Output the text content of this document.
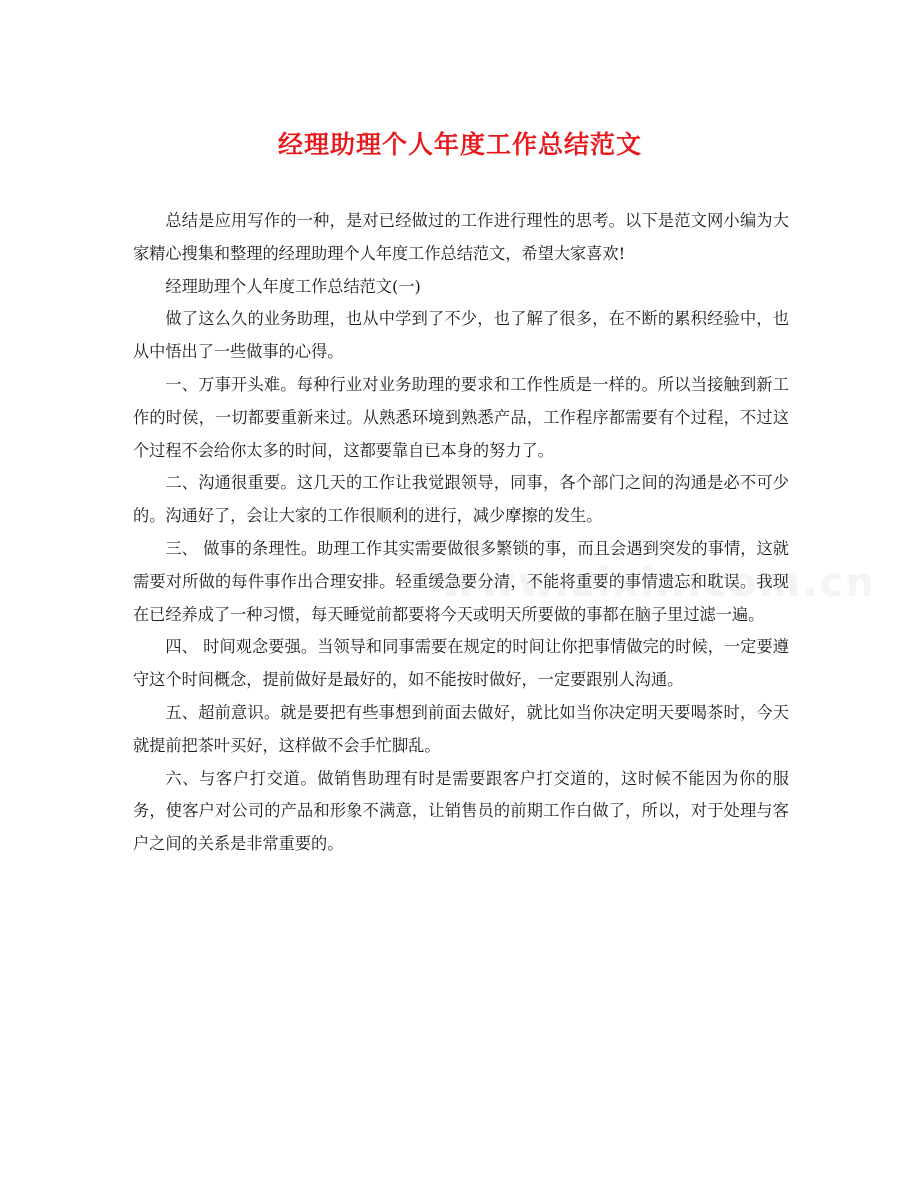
经理助理个人年度工作总结范文

总结是应用写作的一种，是对已经做过的工作进行理性的思考。以下是范文网小编为大家精心搜集和整理的经理助理个人年度工作总结范文，希望大家喜欢!

经理助理个人年度工作总结范文(一)

做了这么久的业务助理，也从中学到了不少，也了解了很多，在不断的累积经验中，也从中悟出了一些做事的心得。

一、万事开头难。每种行业对业务助理的要求和工作性质是一样的。所以当接触到新工作的时侯，一切都要重新来过。从熟悉环境到熟悉产品，工作程序都需要有个过程，不过这个过程不会给你太多的时间，这都要靠自已本身的努力了。

二、沟通很重要。这几天的工作让我觉跟领导，同事，各个部门之间的沟通是必不可少的。沟通好了，会让大家的工作很顺利的进行，减少摩擦的发生。

三、 做事的条理性。助理工作其实需要做很多繁锁的事，而且会遇到突发的事情，这就需要对所做的每件事作出合理安排。轻重缓急要分清，不能将重要的事情遗忘和耽误。我现在已经养成了一种习惯，每天睡觉前都要将今天或明天所要做的事都在脑子里过滤一遍。

四、 时间观念要强。当领导和同事需要在规定的时间让你把事情做完的时候，一定要遵守这个时间概念，提前做好是最好的，如不能按时做好，一定要跟别人沟通。

五、超前意识。就是要把有些事想到前面去做好，就比如当你决定明天要喝茶时，今天就提前把茶叶买好，这样做不会手忙脚乱。

六、与客户打交道。做销售助理有时是需要跟客户打交道的，这时候不能因为你的服务，使客户对公司的产品和形象不满意，让销售员的前期工作白做了，所以，对于处理与客户之间的关系是非常重要的。
